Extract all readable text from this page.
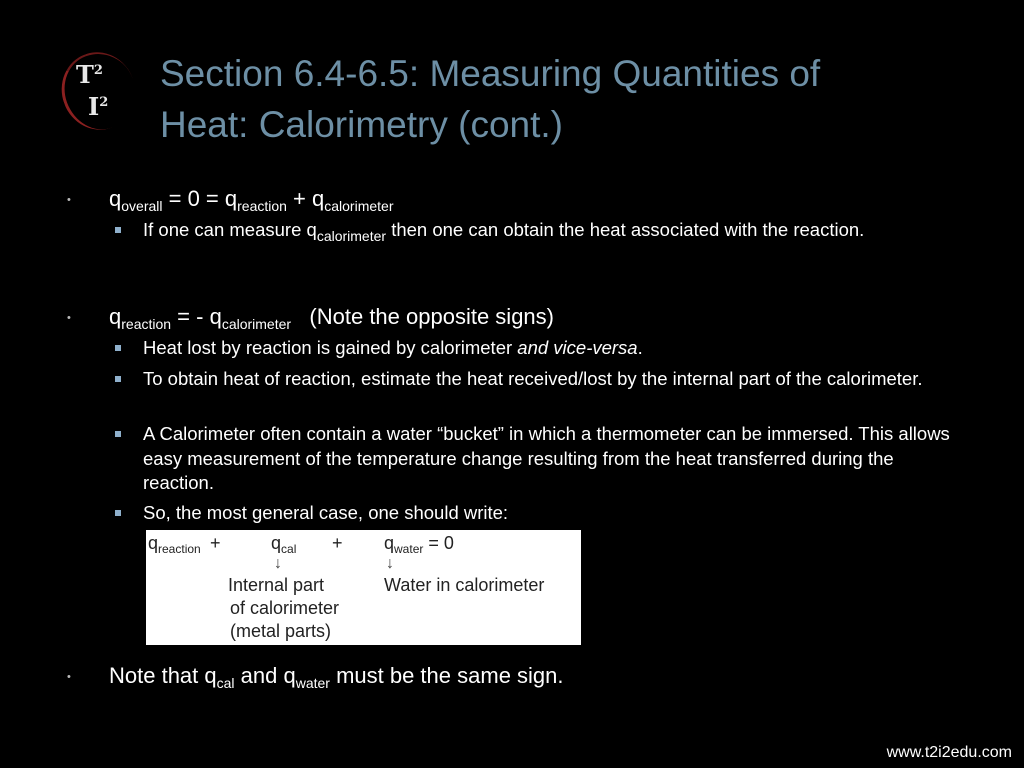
$T^2$
$I^2$
Section 6.4-6.5: Measuring Quantities of
Heat: Calorimetry (cont.)
• $q_{overall} = 0 = q_{reaction} + q_{calorimeter}$
If one can measure $q_{calorimeter}$ then one can obtain the heat associated with the reaction.
• $q_{reaction}$ = - $q_{calorimeter}$ (Note the opposite signs)
Heat lost by reaction is gained by calorimeter and vice-versa.
To obtain heat of reaction, estimate the heat received/lost by the internal part of the calorimeter.
A Calorimeter often contain a water “bucket” in which a thermometer can be immersed. This allows easy measurement of the temperature change resulting from the heat transferred during the reaction.
So, the most general case, one should write:
$q_{reaction}$ +	$q_{cal} + q_{water} = 0$
↓	↓
Internal part
of calorimeter
(metal parts)
Water in calorimeter
• Note that $q_{cal}$ and $q_{water}$ must be the same sign.
www.t2i2edu.com
